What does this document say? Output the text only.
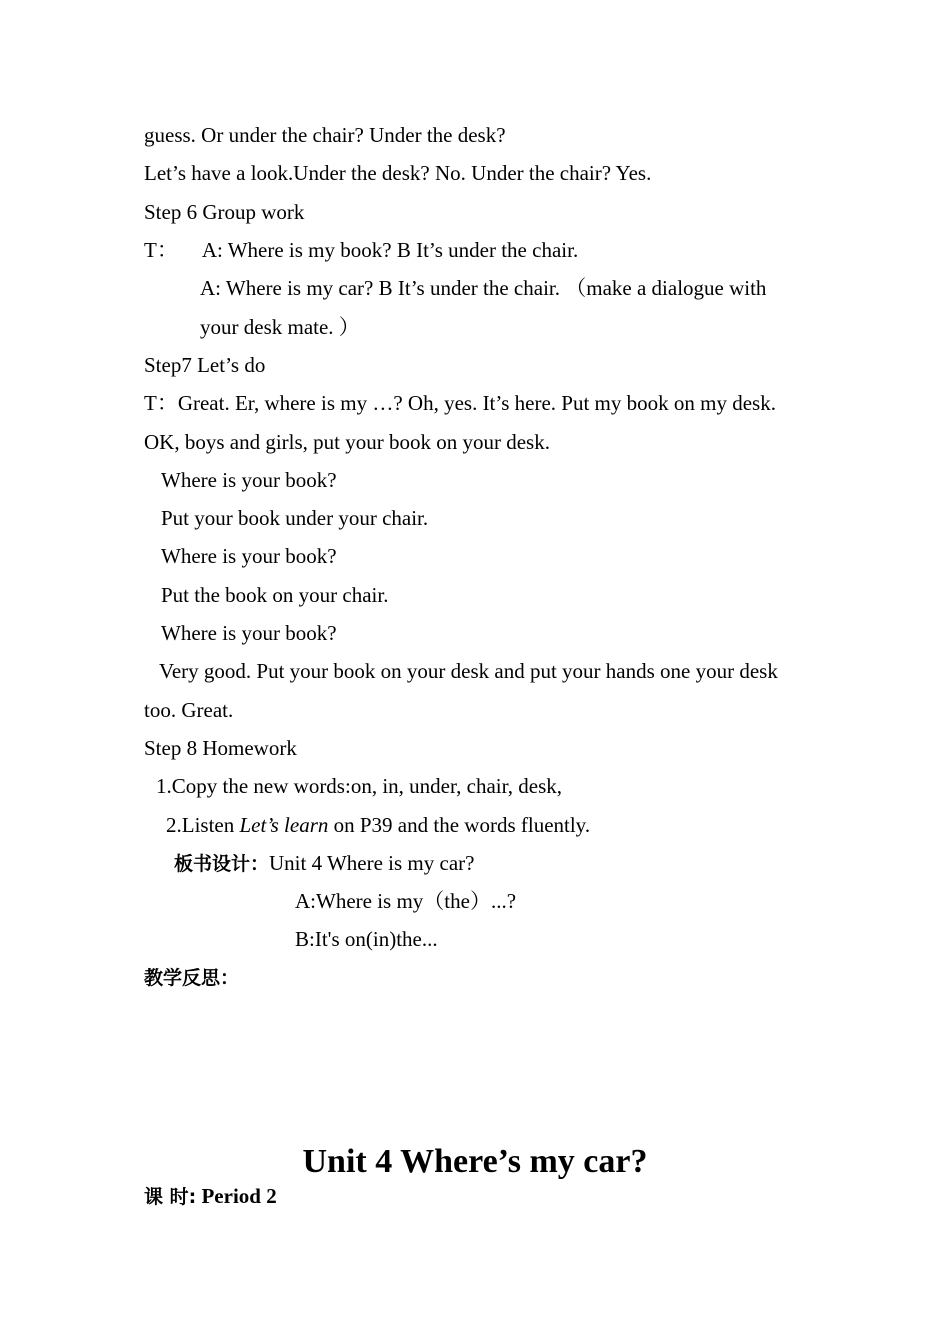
guess. Or under the chair? Under the desk?
Let’s have a look.Under the desk? No. Under the chair? Yes.
Step 6 Group work
T： A: Where is my book? B It’s under the chair.
A: Where is my car? B It’s under the chair. （make a dialogue with
your desk mate. ）
Step7 Let’s do
T：Great. Er, where is my …? Oh, yes. It’s here. Put my book on my desk.
OK, boys and girls, put your book on your desk.
Where is your book?
Put your book under your chair.
Where is your book?
Put the book on your chair.
Where is your book?
Very good. Put your book on your desk and put your hands one your desk
too. Great.
Step 8 Homework
1.Copy the new words:on, in, under, chair, desk,
2.Listen Let’s learn on P39 and the words fluently.
板书设计：Unit 4 Where is my car?
A:Where is my（the）...?
B:It's on(in)the...
教学反思：
Unit 4 Where’s my car?
课 时: Period 2
